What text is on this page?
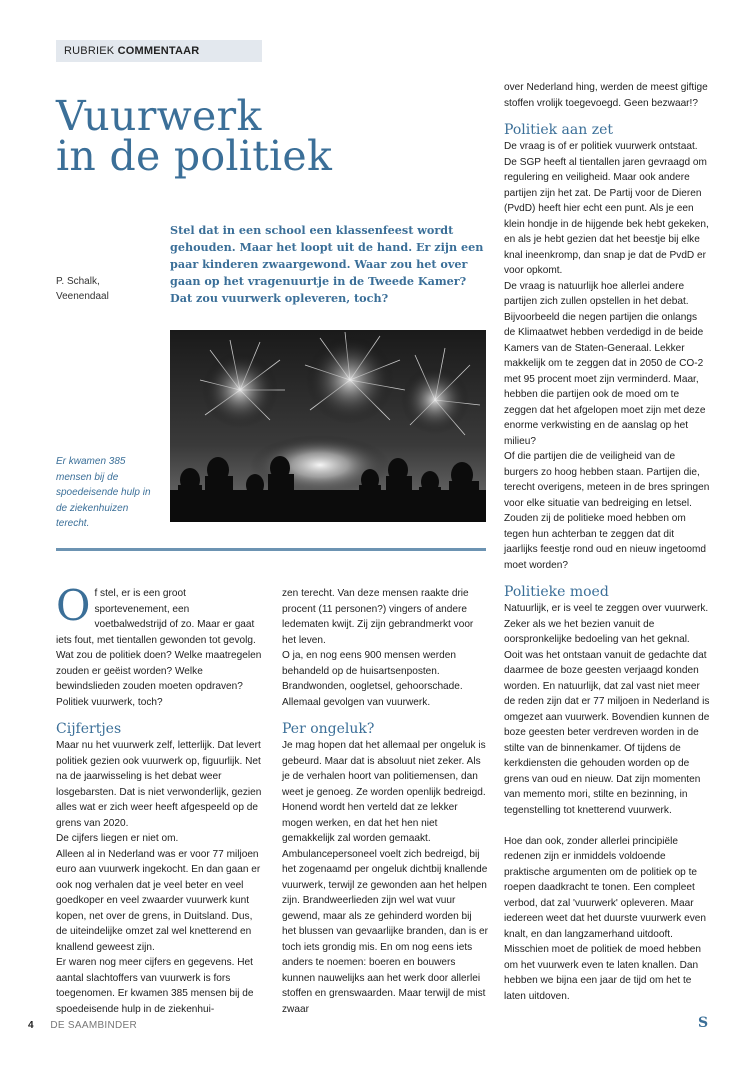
RUBRIEK COMMENTAAR
Vuurwerk
in de politiek

Stel dat in een school een klassenfeest wordt gehouden. Maar het loopt uit de hand. Er zijn een paar kinderen zwaargewond. Waar zou het over gaan op het vragenuurtje in de Tweede Kamer? Dat zou vuurwerk opleveren, toch?

P. Schalk,
Veenendaal

Er kwamen 385 mensen bij de spoedeisende hulp in de ziekenhuizen terecht.

O f stel, er is een groot sportevenement, een voetbalwedstrijd of zo. Maar er gaat iets fout, met tientallen gewonden tot gevolg. Wat zou de politiek doen? Welke maatregelen zouden er geëist worden? Welke bewindslieden zouden moeten opdraven? Politiek vuurwerk, toch?

Cijfertjes

Maar nu het vuurwerk zelf, letterlijk. Dat levert politiek gezien ook vuurwerk op, figuurlijk. Net na de jaarwisseling is het debat weer losgebarsten. Dat is niet verwonderlijk, gezien alles wat er zich weer heeft afgespeeld op de grens van 2020.

De cijfers liegen er niet om.

Alleen al in Nederland was er voor 77 miljoen euro aan vuurwerk ingekocht. En dan gaan er ook nog verhalen dat je veel beter en veel goedkoper en veel zwaarder vuurwerk kunt kopen, net over de grens, in Duitsland. Dus, de uiteindelijke omzet zal wel knetterend en knallend geweest zijn.

Er waren nog meer cijfers en gegevens. Het aantal slachtoffers van vuurwerk is fors toegenomen. Er kwamen 385 mensen bij de spoedeisende hulp in de ziekenhui-

zen terecht. Van deze mensen raakte drie procent (11 personen?) vingers of andere ledematen kwijt. Zij zijn gebrandmerkt voor het leven.

O ja, en nog eens 900 mensen werden behandeld op de huisartsenposten. Brandwonden, oogletsel, gehoorschade. Allemaal gevolgen van vuurwerk.

Per ongeluk?

Je mag hopen dat het allemaal per ongeluk is gebeurd. Maar dat is absoluut niet zeker. Als je de verhalen hoort van politiemensen, dan weet je genoeg. Ze worden openlijk bedreigd. Honend wordt hen verteld dat ze lekker mogen werken, en dat het hen niet gemakkelijk zal worden gemaakt. Ambulancepersoneel voelt zich bedreigd, bij het zogenaamd per ongeluk dichtbij knallende vuurwerk, terwijl ze gewonden aan het helpen zijn. Brandweerlieden zijn wel wat vuur gewend, maar als ze gehinderd worden bij het blussen van gevaarlijke branden, dan is er toch iets grondig mis. En om nog eens iets anders te noemen: boeren en bouwers kunnen nauwelijks aan het werk door allerlei stoffen en grenswaarden. Maar terwijl de mist zwaar

over Nederland hing, werden de meest giftige stoffen vrolijk toegevoegd. Geen bezwaar!?

Politiek aan zet

De vraag is of er politiek vuurwerk ontstaat. De SGP heeft al tientallen jaren gevraagd om regulering en veiligheid. Maar ook andere partijen zijn het zat. De Partij voor de Dieren (PvdD) heeft hier echt een punt. Als je een klein hondje in de hijgende bek hebt gekeken, en als je hebt gezien dat het beestje bij elke knal ineenkromp, dan snap je dat de PvdD er voor opkomt.

De vraag is natuurlijk hoe allerlei andere partijen zich zullen opstellen in het debat. Bijvoorbeeld die negen partijen die onlangs de Klimaatwet hebben verdedigd in de beide Kamers van de Staten-Generaal. Lekker makkelijk om te zeggen dat in 2050 de CO-2 met 95 procent moet zijn verminderd. Maar, hebben die partijen ook de moed om te zeggen dat het afgelopen moet zijn met deze enorme verkwisting en de aanslag op het milieu?

Of die partijen die de veiligheid van de burgers zo hoog hebben staan. Partijen die, terecht overigens, meteen in de bres springen voor elke situatie van bedreiging en letsel. Zouden zij de politieke moed hebben om tegen hun achterban te zeggen dat dit jaarlijks feestje rond oud en nieuw ingetoomd moet worden?

Politieke moed

Natuurlijk, er is veel te zeggen over vuurwerk. Zeker als we het bezien vanuit de oorspronkelijke bedoeling van het geknal. Ooit was het ontstaan vanuit de gedachte dat daarmee de boze geesten verjaagd konden worden. En natuurlijk, dat zal vast niet meer de reden zijn dat er 77 miljoen in Nederland is omgezet aan vuurwerk. Bovendien kunnen de boze geesten beter verdreven worden in de stilte van de binnenkamer. Of tijdens de kerkdiensten die gehouden worden op de grens van oud en nieuw. Dat zijn momenten van memento mori, stilte en bezinning, in tegenstelling tot knetterend vuurwerk.

Hoe dan ook, zonder allerlei principiële redenen zijn er inmiddels voldoende praktische argumenten om de politiek op te roepen daadkracht te tonen. Een compleet verbod, dat zal 'vuurwerk' opleveren. Maar iedereen weet dat het duurste vuurwerk even knalt, en dan langzamerhand uitdooft. Misschien moet de politiek de moed hebben om het vuurwerk even te laten knallen. Dan hebben we bijna een jaar de tijd om het te laten uitdoven.

S
4 DE SAAMBINDER
